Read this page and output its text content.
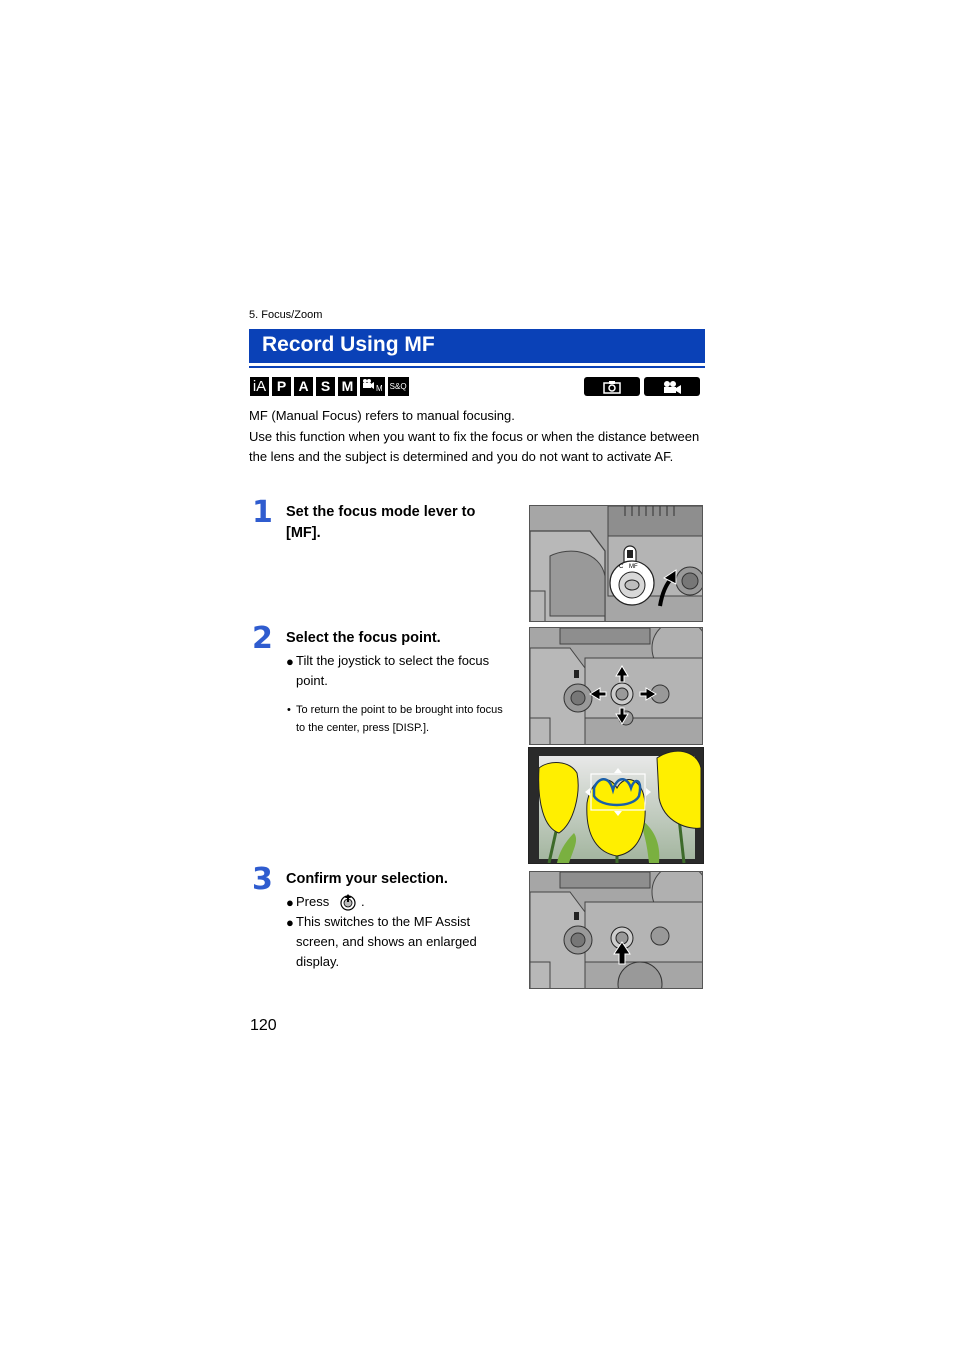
5. Focus/Zoom
Record Using MF
iA P A S M	M S&Q

MF (Manual Focus) refers to manual focusing.

Use this function when you want to fix the focus or when the distance between the lens and the subject is determined and you do not want to activate AF.

1 Set the focus mode lever to [MF].
MF
C
2 Select the focus point.
● Tilt the joystick to select the focus point.
• To return the point to be brought into focus to the center, press [DISP.].
3 Confirm your selection.
● Press .
● This switches to the MF Assist screen, and shows an enlarged display.
120
